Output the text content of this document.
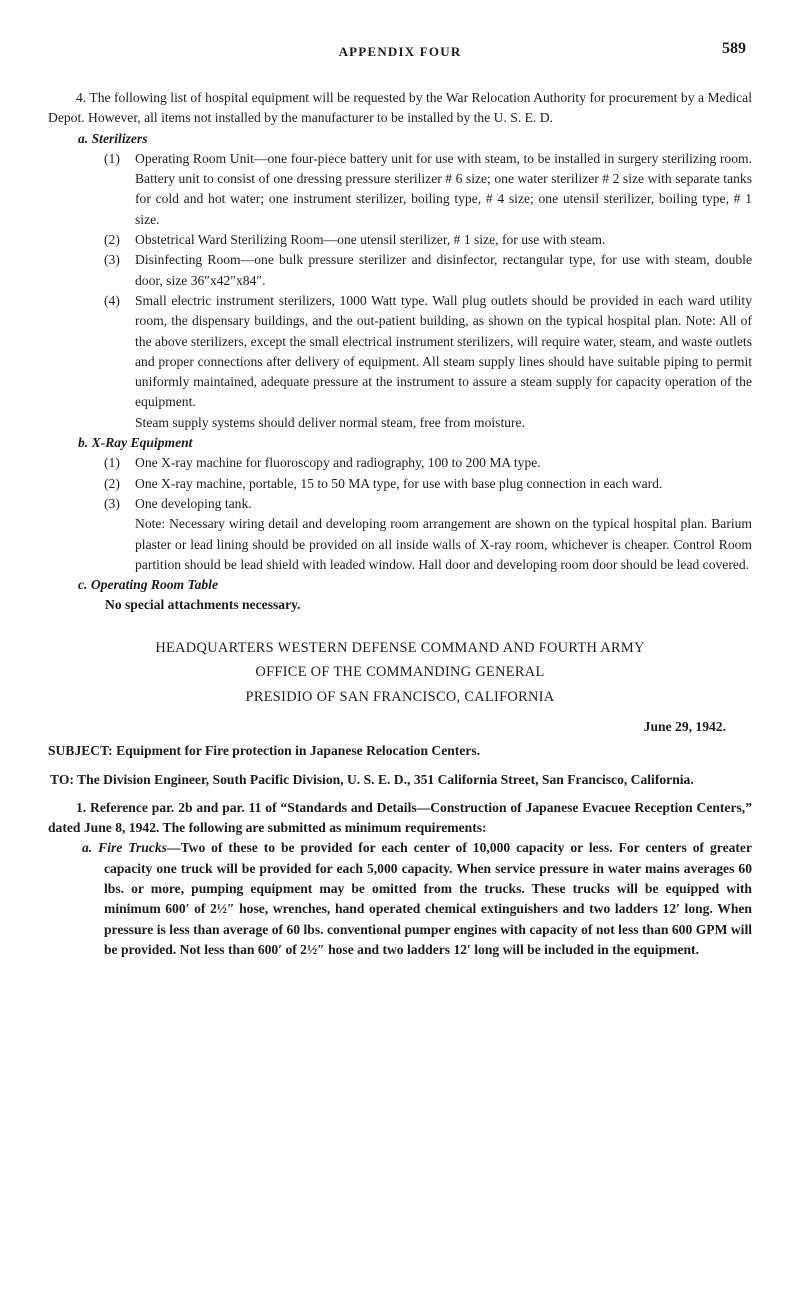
APPENDIX FOUR	589

4. The following list of hospital equipment will be requested by the War Relocation Authority for procurement by a Medical Depot. However, all items not installed by the manufacturer to be installed by the U. S. E. D.

a. Sterilizers

(1) Operating Room Unit—one four-piece battery unit for use with steam, to be installed in surgery sterilizing room. Battery unit to consist of one dressing pressure sterilizer # 6 size; one water sterilizer # 2 size with separate tanks for cold and hot water; one instrument sterilizer, boiling type, # 4 size; one utensil sterilizer, boiling type, # 1 size.

(2) Obstetrical Ward Sterilizing Room—one utensil sterilizer, # 1 size, for use with steam.

(3) Disinfecting Room—one bulk pressure sterilizer and disinfector, rectangular type, for use with steam, double door, size 36″x42″x84″.

(4) Small electric instrument sterilizers, 1000 Watt type. Wall plug outlets should be provided in each ward utility room, the dispensary buildings, and the out-patient building, as shown on the typical hospital plan. Note: All of the above sterilizers, except the small electrical instrument sterilizers, will require water, steam, and waste outlets and proper connections after delivery of equipment. All steam supply lines should have suitable piping to permit uniformly maintained, adequate pressure at the instrument to assure a steam supply for capacity operation of the equipment.

Steam supply systems should deliver normal steam, free from moisture.

b. X-Ray Equipment

(1) One X-ray machine for fluoroscopy and radiography, 100 to 200 MA type.

(2) One X-ray machine, portable, 15 to 50 MA type, for use with base plug connection in each ward.

(3) One developing tank.

Note: Necessary wiring detail and developing room arrangement are shown on the typical hospital plan. Barium plaster or lead lining should be provided on all inside walls of X-ray room, whichever is cheaper. Control Room partition should be lead shield with leaded window. Hall door and developing room door should be lead covered.

c. Operating Room Table

No special attachments necessary.

HEADQUARTERS WESTERN DEFENSE COMMAND AND FOURTH ARMY
OFFICE OF THE COMMANDING GENERAL
PRESIDIO OF SAN FRANCISCO, CALIFORNIA
June 29, 1942.

SUBJECT: Equipment for Fire protection in Japanese Relocation Centers.

TO: The Division Engineer, South Pacific Division, U. S. E. D., 351 California Street, San Francisco, California.

1. Reference par. 2b and par. 11 of “Standards and Details—Construction of Japanese Evacuee Reception Centers,” dated June 8, 1942. The following are submitted as minimum requirements:

a. Fire Trucks—Two of these to be provided for each center of 10,000 capacity or less. For centers of greater capacity one truck will be provided for each 5,000 capacity. When service pressure in water mains averages 60 lbs. or more, pumping equipment may be omitted from the trucks. These trucks will be equipped with minimum 600′ of 2½″ hose, wrenches, hand operated chemical extinguishers and two ladders 12′ long. When pressure is less than average of 60 lbs. conventional pumper engines with capacity of not less than 600 GPM will be provided. Not less than 600′ of 2½″ hose and two ladders 12′ long will be included in the equipment.
